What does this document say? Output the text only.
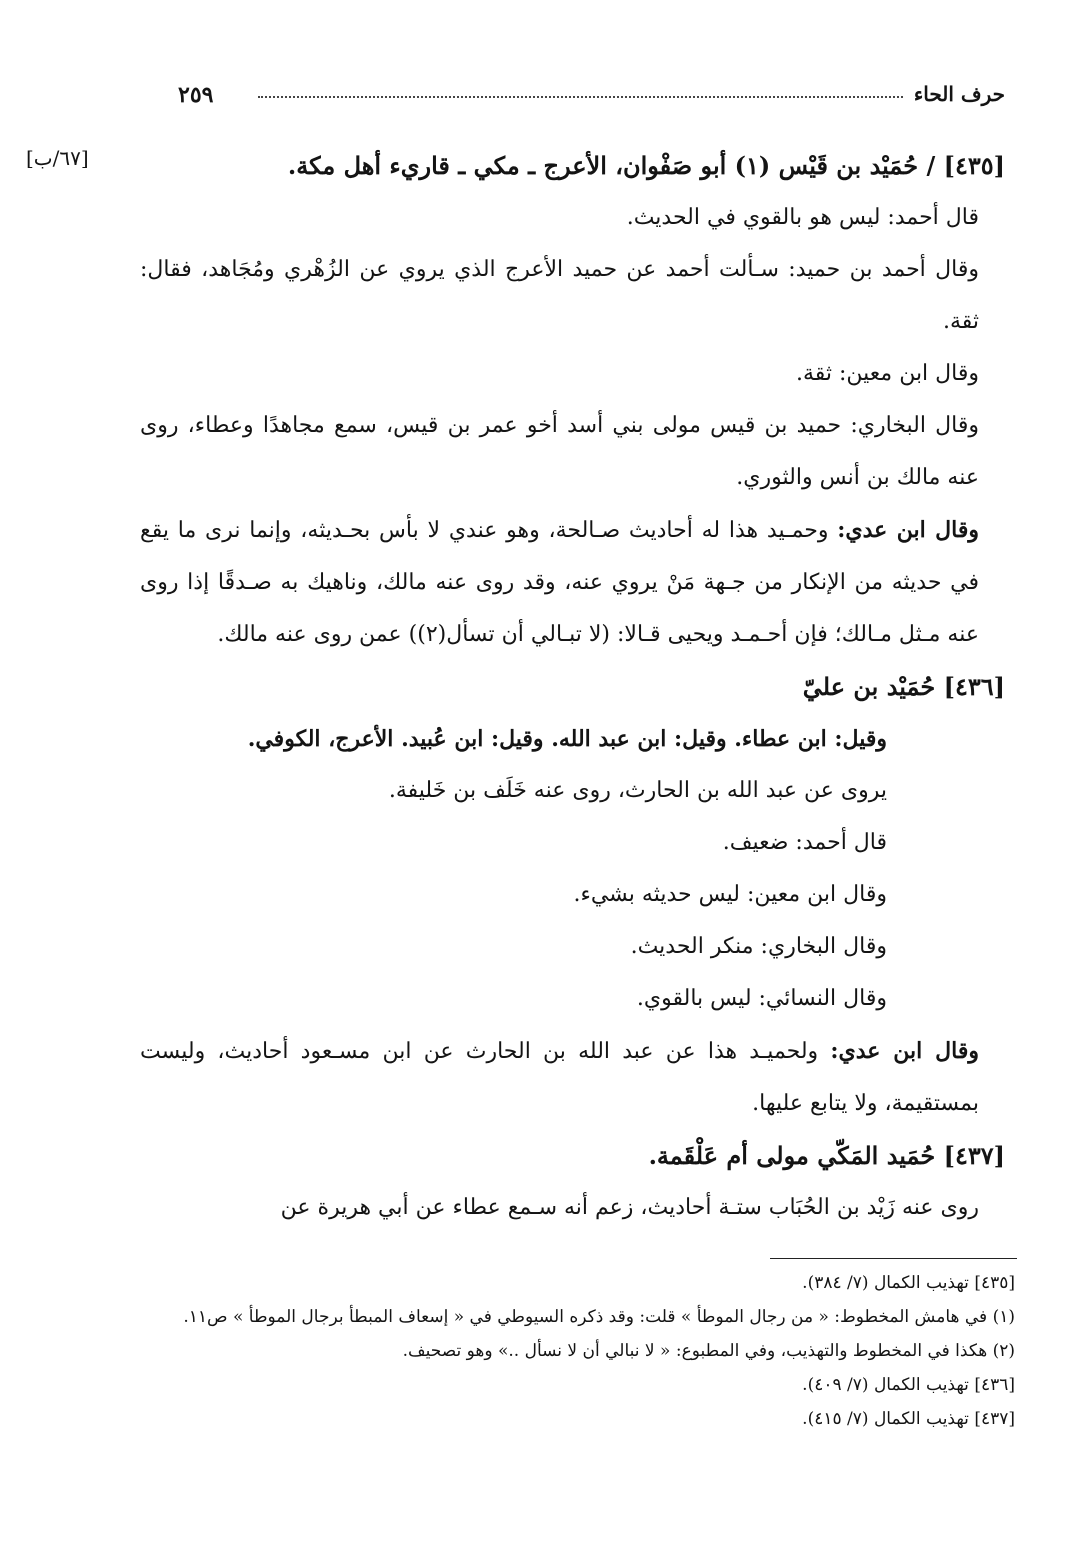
حرف الحاء
٢٥٩
[٦٧/ب]	[٤٣٥] / حُمَيْد بن قَيْس (١) أبو صَفْوان، الأعرج ـ مكي ـ قاريء أهل مكة.

قال أحمد: ليس هو بالقوي في الحديث.

وقال أحمد بن حميد: سـألت أحمد عن حميد الأعرج الذي يروي عن الزُهْري ومُجَاهد، فقال: ثقة.

وقال ابن معين: ثقة.

وقال البخاري: حميد بن قيس مولى بني أسد أخو عمر بن قيس، سمع مجاهدًا وعطاء، روى عنه مالك بن أنس والثوري.

وقال ابن عدي: وحمـيد هذا له أحاديث صـالحة، وهو عندي لا بأس بحـديثه، وإنما نرى ما يقع في حديثه من الإنكار من جـهة مَنْ يروي عنه، وقد روى عنه مالك، وناهيك به صـدقًا إذا روى عنه مـثل مـالك؛ فإن أحـمـد ويحيى قـالا: (لا تبـالي أن تسأل(٢)) عمن روى عنه مالك.

[٤٣٦] حُمَيْد بن عليّ

وقيل: ابن عطاء. وقيل: ابن عبد الله. وقيل: ابن عُبيد. الأعرج، الكوفي.

يروى عن عبد الله بن الحارث، روى عنه خَلَف بن خَليفة.

قال أحمد: ضعيف.

وقال ابن معين: ليس حديثه بشيء.

وقال البخاري: منكر الحديث.

وقال النسائي: ليس بالقوي.

وقال ابن عدي: ولحميـد هذا عن عبد الله بن الحارث عن ابن مسـعود أحاديث، وليست بمستقيمة، ولا يتابع عليها.

[٤٣٧] حُمَيد المَكّي مولى أم عَلْقَمة.

روى عنه زَيْد بن الحُبَاب ستـة أحاديث، زعم أنه سـمع عطاء عن أبي هريرة عن

[٤٣٥] تهذيب الكمال (٧/ ٣٨٤).

(١) في هامش المخطوط: « من رجال الموطأ » قلت: وقد ذكره السيوطي في « إسعاف المبطأ برجال الموطأ » ص١١.

(٢) هكذا في المخطوط والتهذيب، وفي المطبوع: « لا نبالي أن لا نسأل ..» وهو تصحيف.

[٤٣٦] تهذيب الكمال (٧/ ٤٠٩).

[٤٣٧] تهذيب الكمال (٧/ ٤١٥).
